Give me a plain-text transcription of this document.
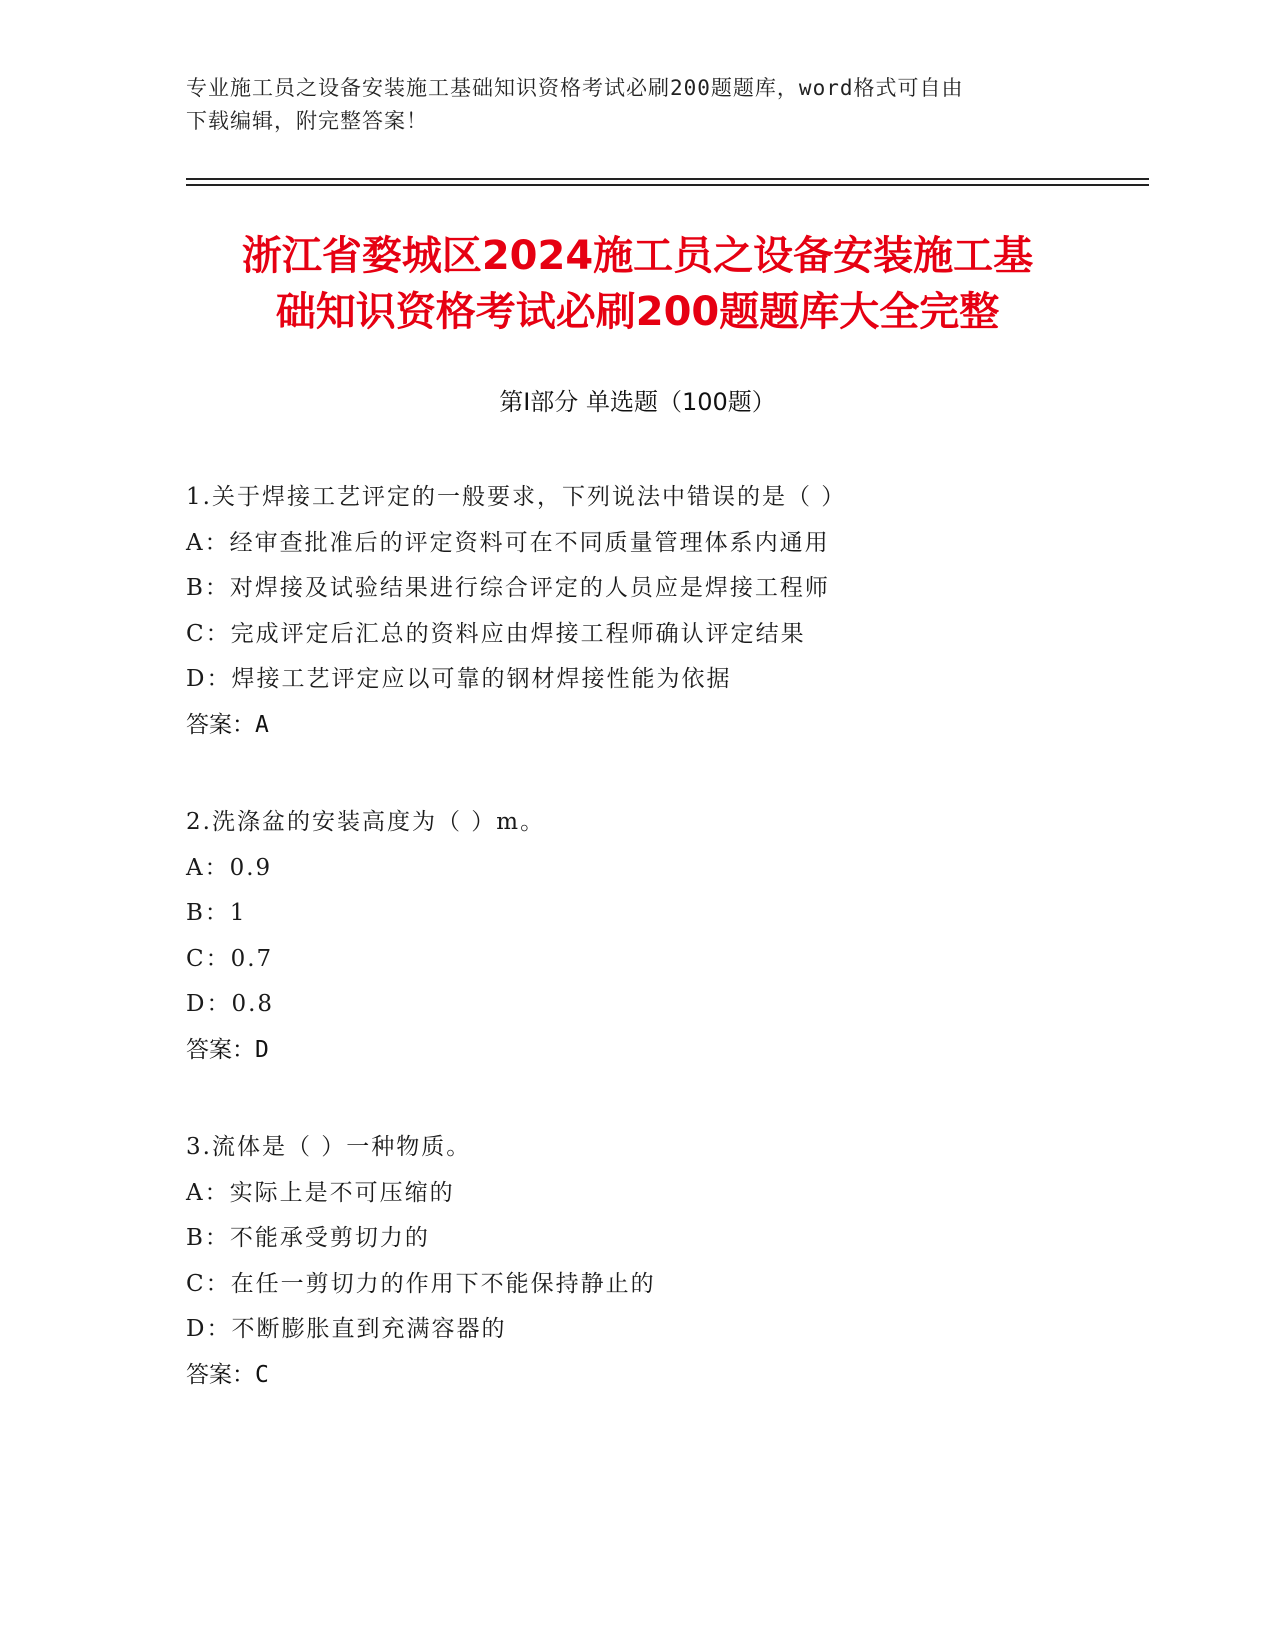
专业施工员之设备安装施工基础知识资格考试必刷200题题库，word格式可自由
下载编辑，附完整答案！
浙江省婺城区2024施工员之设备安装施工基
础知识资格考试必刷200题题库大全完整
第Ⅰ部分 单选题（100题）
1.关于焊接工艺评定的一般要求，下列说法中错误的是（ ）
A：经审查批准后的评定资料可在不同质量管理体系内通用
B：对焊接及试验结果进行综合评定的人员应是焊接工程师
C：完成评定后汇总的资料应由焊接工程师确认评定结果
D：焊接工艺评定应以可靠的钢材焊接性能为依据
答案：A
2.洗涤盆的安装高度为（ ）m。
A：0.9
B：1
C：0.7
D：0.8
答案：D
3.流体是（ ）一种物质。
A：实际上是不可压缩的
B：不能承受剪切力的
C：在任一剪切力的作用下不能保持静止的
D：不断膨胀直到充满容器的
答案：C
